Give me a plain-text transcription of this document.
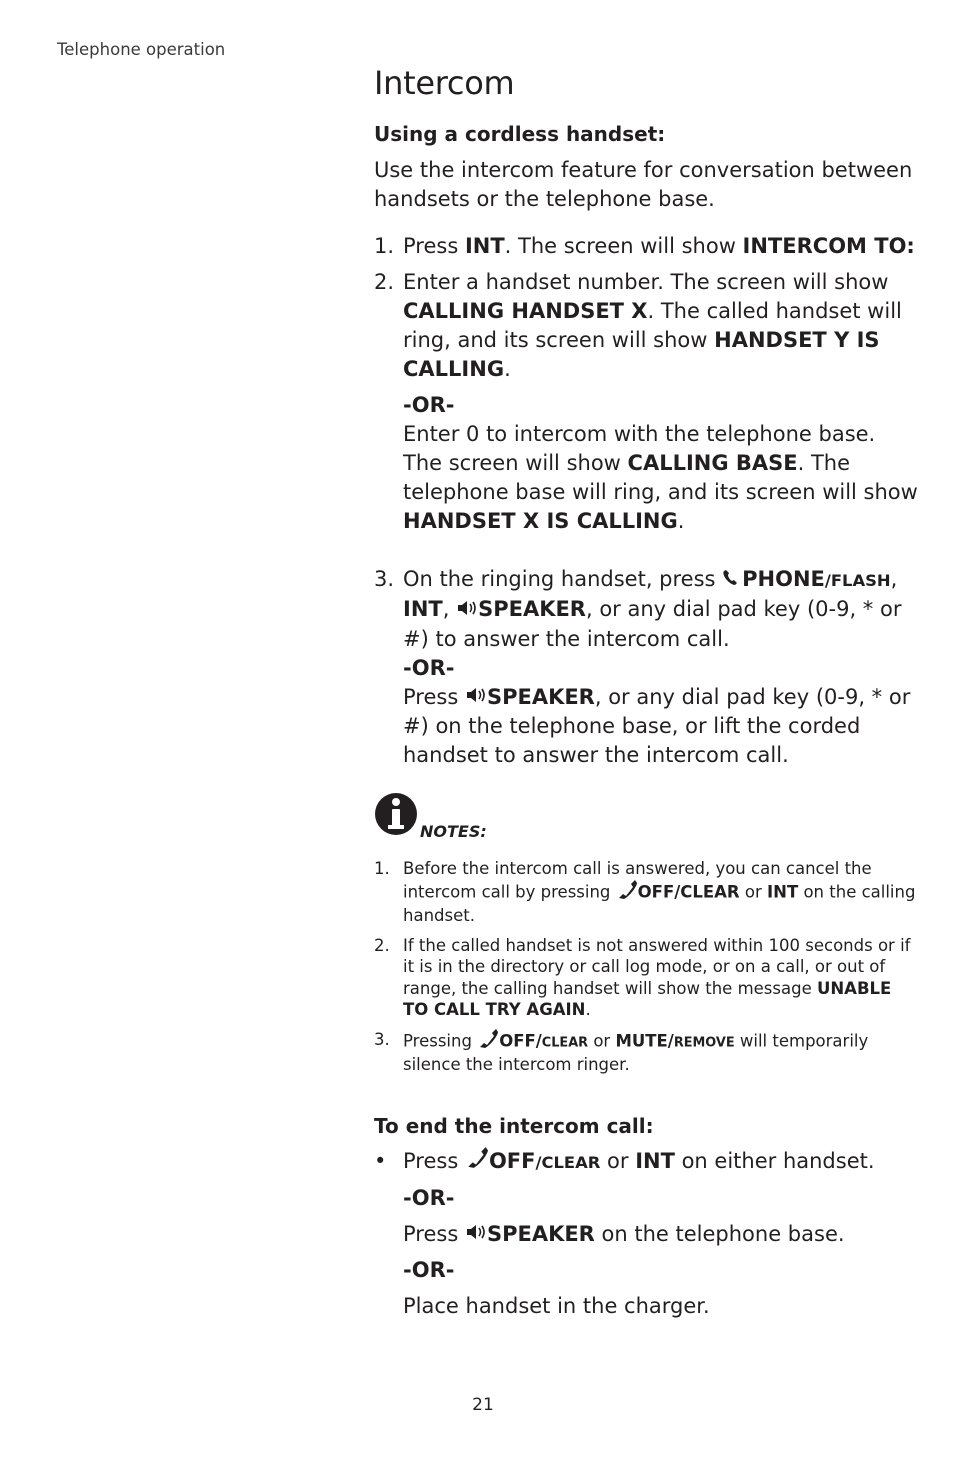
Telephone operation
Intercom

Using a cordless handset:

Use the intercom feature for conversation between handsets or the telephone base.

1. Press INT. The screen will show INTERCOM TO:
2. Enter a handset number. The screen will show CALLING HANDSET X. The called handset will ring, and its screen will show HANDSET Y IS CALLING.
-OR-
Enter 0 to intercom with the telephone base. The screen will show CALLING BASE. The telephone base will ring, and its screen will show HANDSET X IS CALLING.
3. On the ringing handset, press PHONE/FLASH, INT, SPEAKER, or any dial pad key (0-9, * or #) to answer the intercom call.
-OR-
Press SPEAKER, or any dial pad key (0-9, * or #) on the telephone base, or lift the corded handset to answer the intercom call.
NOTES:
1. Before the intercom call is answered, you can cancel the intercom call by pressing OFF/CLEAR or INT on the calling handset.
2. If the called handset is not answered within 100 seconds or if it is in the directory or call log mode, or on a call, or out of range, the calling handset will show the message UNABLE TO CALL TRY AGAIN.
3. Pressing OFF/CLEAR or MUTE/REMOVE will temporarily silence the intercom ringer.

To end the intercom call:

• Press OFF/CLEAR or INT on either handset.
-OR-
Press SPEAKER on the telephone base.
-OR-
Place handset in the charger.
21
